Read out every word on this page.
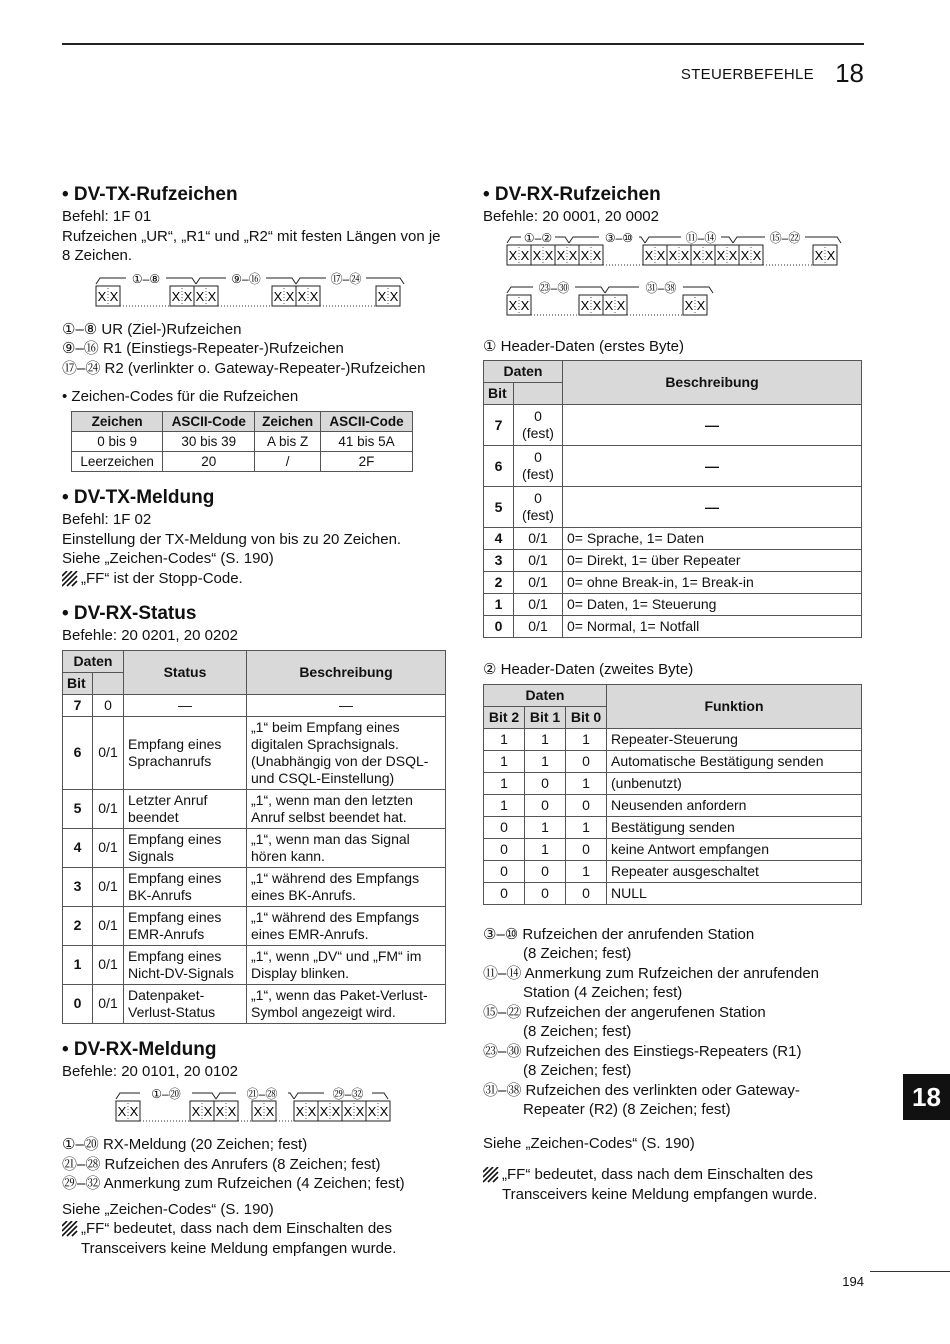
STEUERBEFEHLE 18
• DV-TX-Rufzeichen

Befehl: 1F 01

Rufzeichen „UR“, „R1“ und „R2“ mit festen Längen von je 8 Zeichen.

①–⑧	⑨–⑯	⑰–㉔
X X	X X X X	X X X X	X X
①–⑧ UR (Ziel-)Rufzeichen
⑨–⑯ R1 (Einstiegs-Repeater-)Rufzeichen
⑰–㉔ R2 (verlinkter o. Gateway-Repeater-)Rufzeichen
• Zeichen-Codes für die Rufzeichen
Zeichen	ASCII-Code	Zeichen	ASCII-Code
0 bis 9	30 bis 39	A bis Z	41 bis 5A
Leerzeichen	20	/	2F
• DV-TX-Meldung

Befehl: 1F 02

Einstellung der TX-Meldung von bis zu 20 Zeichen.

Siehe „Zeichen-Codes“ (S. 190)

„FF“ ist der Stopp-Code.
• DV-RX-Status

Befehle: 20 0201, 20 0202

Daten		Status	Beschreibung
Bit			
7	0	—	—
6	0/1	Empfang eines Sprachanrufs	„1“ beim Empfang eines digitalen Sprachsignals. (Unabhängig von der DSQL- und CSQL-Einstellung)
5	0/1	Letzter Anruf beendet	„1“, wenn man den letzten Anruf selbst beendet hat.
4	0/1	Empfang eines Signals	„1“, wenn man das Signal hören kann.
3	0/1	Empfang eines BK-Anrufs	„1“ während des Empfangs eines BK-Anrufs.
2	0/1	Empfang eines EMR-Anrufs	„1“ während des Empfangs eines EMR-Anrufs.
1	0/1	Empfang eines Nicht-DV-Signals	„1“, wenn „DV“ und „FM“ im Display blinken.
0	0/1	Datenpaket-Verlust-Status	„1“, wenn das Paket-Verlust-Symbol angezeigt wird.
• DV-RX-Meldung

Befehle: 20 0101, 20 0102

①–⑳	㉑–㉘	㉙–㉜
X X	X X X X X X X X X X X X X X
①–⑳ RX-Meldung (20 Zeichen; fest)
㉑–㉘ Rufzeichen des Anrufers (8 Zeichen; fest)
㉙–㉜ Anmerkung zum Rufzeichen (4 Zeichen; fest)

Siehe „Zeichen-Codes“ (S. 190)

„FF“ bedeutet, dass nach dem Einschalten des Transceivers keine Meldung empfangen wurde.
• DV-RX-Rufzeichen

Befehle: 20 0001, 20 0002

①–②	③–⑩	⑪–⑭	⑮–㉒
㉓–㉚	㉛–㊳
X X X X X X X X	X X X X X X X X X X	X X
X X	X X X X	X X

① Header-Daten (erstes Byte)

Daten		Beschreibung
Bit		
7	0 (fest)	—
6	0 (fest)	—
5	0 (fest)	—
4	0/1	0= Sprache, 1= Daten
3	0/1	0= Direkt, 1= über Repeater
2	0/1	0= ohne Break-in, 1= Break-in
1	0/1	0= Daten, 1= Steuerung
0	0/1	0= Normal, 1= Notfall

② Header-Daten (zweites Byte)

Daten			Funktion
Bit 2	Bit 1	Bit 0	
1	1	1	Repeater-Steuerung
1	1	0	Automatische Bestätigung senden
1	0	1	(unbenutzt)
1	0	0	Neusenden anfordern
0	1	1	Bestätigung senden
0	1	0	keine Antwort empfangen
0	0	1	Repeater ausgeschaltet
0	0	0	NULL
③–⑩ Rufzeichen der anrufenden Station
(8 Zeichen; fest)
⑪–⑭ Anmerkung zum Rufzeichen der anrufenden
Station (4 Zeichen; fest)
⑮–㉒ Rufzeichen der angerufenen Station
(8 Zeichen; fest)
㉓–㉚ Rufzeichen des Einstiegs-Repeaters (R1)
(8 Zeichen; fest)
㉛–㊳ Rufzeichen des verlinkten oder Gateway-
Repeater (R2) (8 Zeichen; fest)

Siehe „Zeichen-Codes“ (S. 190)

„FF“ bedeutet, dass nach dem Einschalten des Transceivers keine Meldung empfangen wurde.
18
194
